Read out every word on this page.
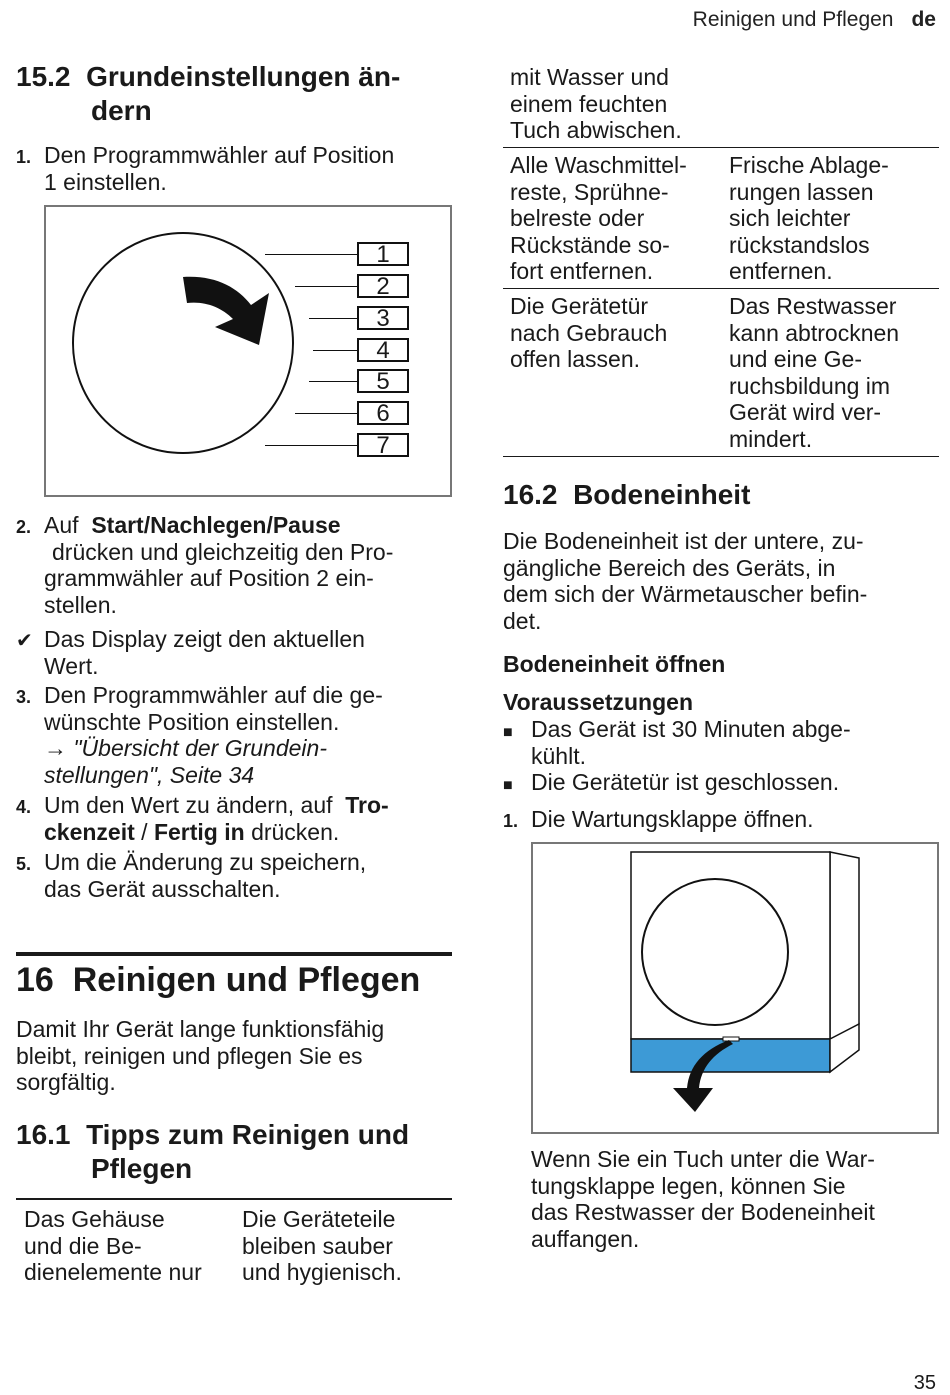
Reinigen und Pflegen de
15.2 Grundeinstellungen än-
dern
1. Den Programmwähler auf Position
1 einstellen.
1
2
3
4
5
6
7
2. Auf Start/Nachlegen/Pause
drücken und gleichzeitig den Pro-
grammwähler auf Position 2 ein-
stellen.
✔ Das Display zeigt den aktuellen
Wert.
3. Den Programmwähler auf die ge-
wünschte Position einstellen.
→ "Übersicht der Grundein-
stellungen", Seite 34
4. Um den Wert zu ändern, auf Tro-
ckenzeit / Fertig in drücken.
5. Um die Änderung zu speichern,
das Gerät ausschalten.
16 Reinigen und Pflegen
Damit Ihr Gerät lange funktionsfähig
bleibt, reinigen und pflegen Sie es
sorgfältig.
16.1 Tipps zum Reinigen und
Pflegen
Das Gehäuse
und die Be-
dienelemente nur
Die Geräteteile
bleiben sauber
und hygienisch.
mit Wasser und
einem feuchten
Tuch abwischen.
Alle Waschmittel-
reste, Sprühne-
belreste oder
Rückstände so-
fort entfernen.
Frische Ablage-
rungen lassen
sich leichter
rückstandslos
entfernen.
Die Gerätetür
nach Gebrauch
offen lassen.
Das Restwasser
kann abtrocknen
und eine Ge-
ruchsbildung im
Gerät wird ver-
mindert.
16.2 Bodeneinheit
Die Bodeneinheit ist der untere, zu-
gängliche Bereich des Geräts, in
dem sich der Wärmetauscher befin-
det.
Bodeneinheit öffnen
Voraussetzungen
■ Das Gerät ist 30 Minuten abge-
kühlt.
■ Die Gerätetür ist geschlossen.
1. Die Wartungsklappe öffnen.
Wenn Sie ein Tuch unter die War-
tungsklappe legen, können Sie
das Restwasser der Bodeneinheit
auffangen.
35
